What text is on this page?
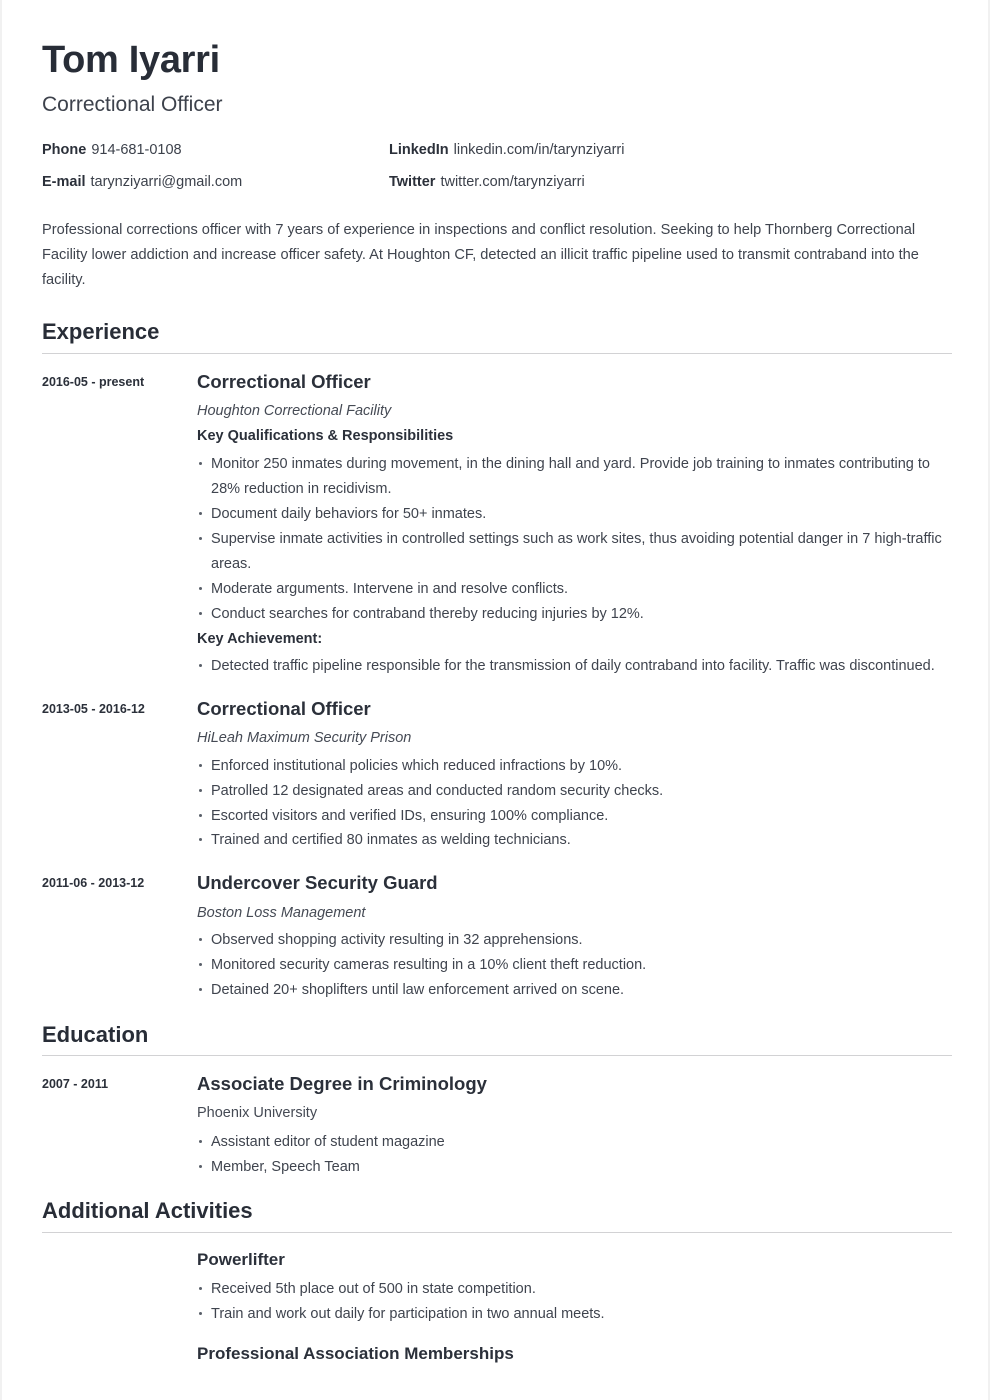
Tom Iyarri
Correctional Officer
Phone 914-681-0108	LinkedIn linkedin.com/in/tarynziyarri
E-mail tarynziyarri@gmail.com	Twitter twitter.com/tarynziyarri

Professional corrections officer with 7 years of experience in inspections and conflict resolution. Seeking to help Thornberg Correctional Facility lower addiction and increase officer safety. At Houghton CF, detected an illicit traffic pipeline used to transmit contraband into the facility.

Experience
2016-05 - present	Correctional Officer
Houghton Correctional Facility
Key Qualifications & Responsibilities
Monitor 250 inmates during movement, in the dining hall and yard. Provide job training to inmates contributing to 28% reduction in recidivism.
Document daily behaviors for 50+ inmates.
Supervise inmate activities in controlled settings such as work sites, thus avoiding potential danger in 7 high-traffic areas.
Moderate arguments. Intervene in and resolve conflicts.
Conduct searches for contraband thereby reducing injuries by 12%.
Key Achievement:
Detected traffic pipeline responsible for the transmission of daily contraband into facility. Traffic was discontinued.
2013-05 - 2016-12	Correctional Officer
HiLeah Maximum Security Prison
Enforced institutional policies which reduced infractions by 10%.
Patrolled 12 designated areas and conducted random security checks.
Escorted visitors and verified IDs, ensuring 100% compliance.
Trained and certified 80 inmates as welding technicians.
2011-06 - 2013-12	Undercover Security Guard
Boston Loss Management
Observed shopping activity resulting in 32 apprehensions.
Monitored security cameras resulting in a 10% client theft reduction.
Detained 20+ shoplifters until law enforcement arrived on scene.
Education
2007 - 2011	Associate Degree in Criminology
Phoenix University
Assistant editor of student magazine
Member, Speech Team
Additional Activities
Powerlifter
Received 5th place out of 500 in state competition.
Train and work out daily for participation in two annual meets.
Professional Association Memberships
